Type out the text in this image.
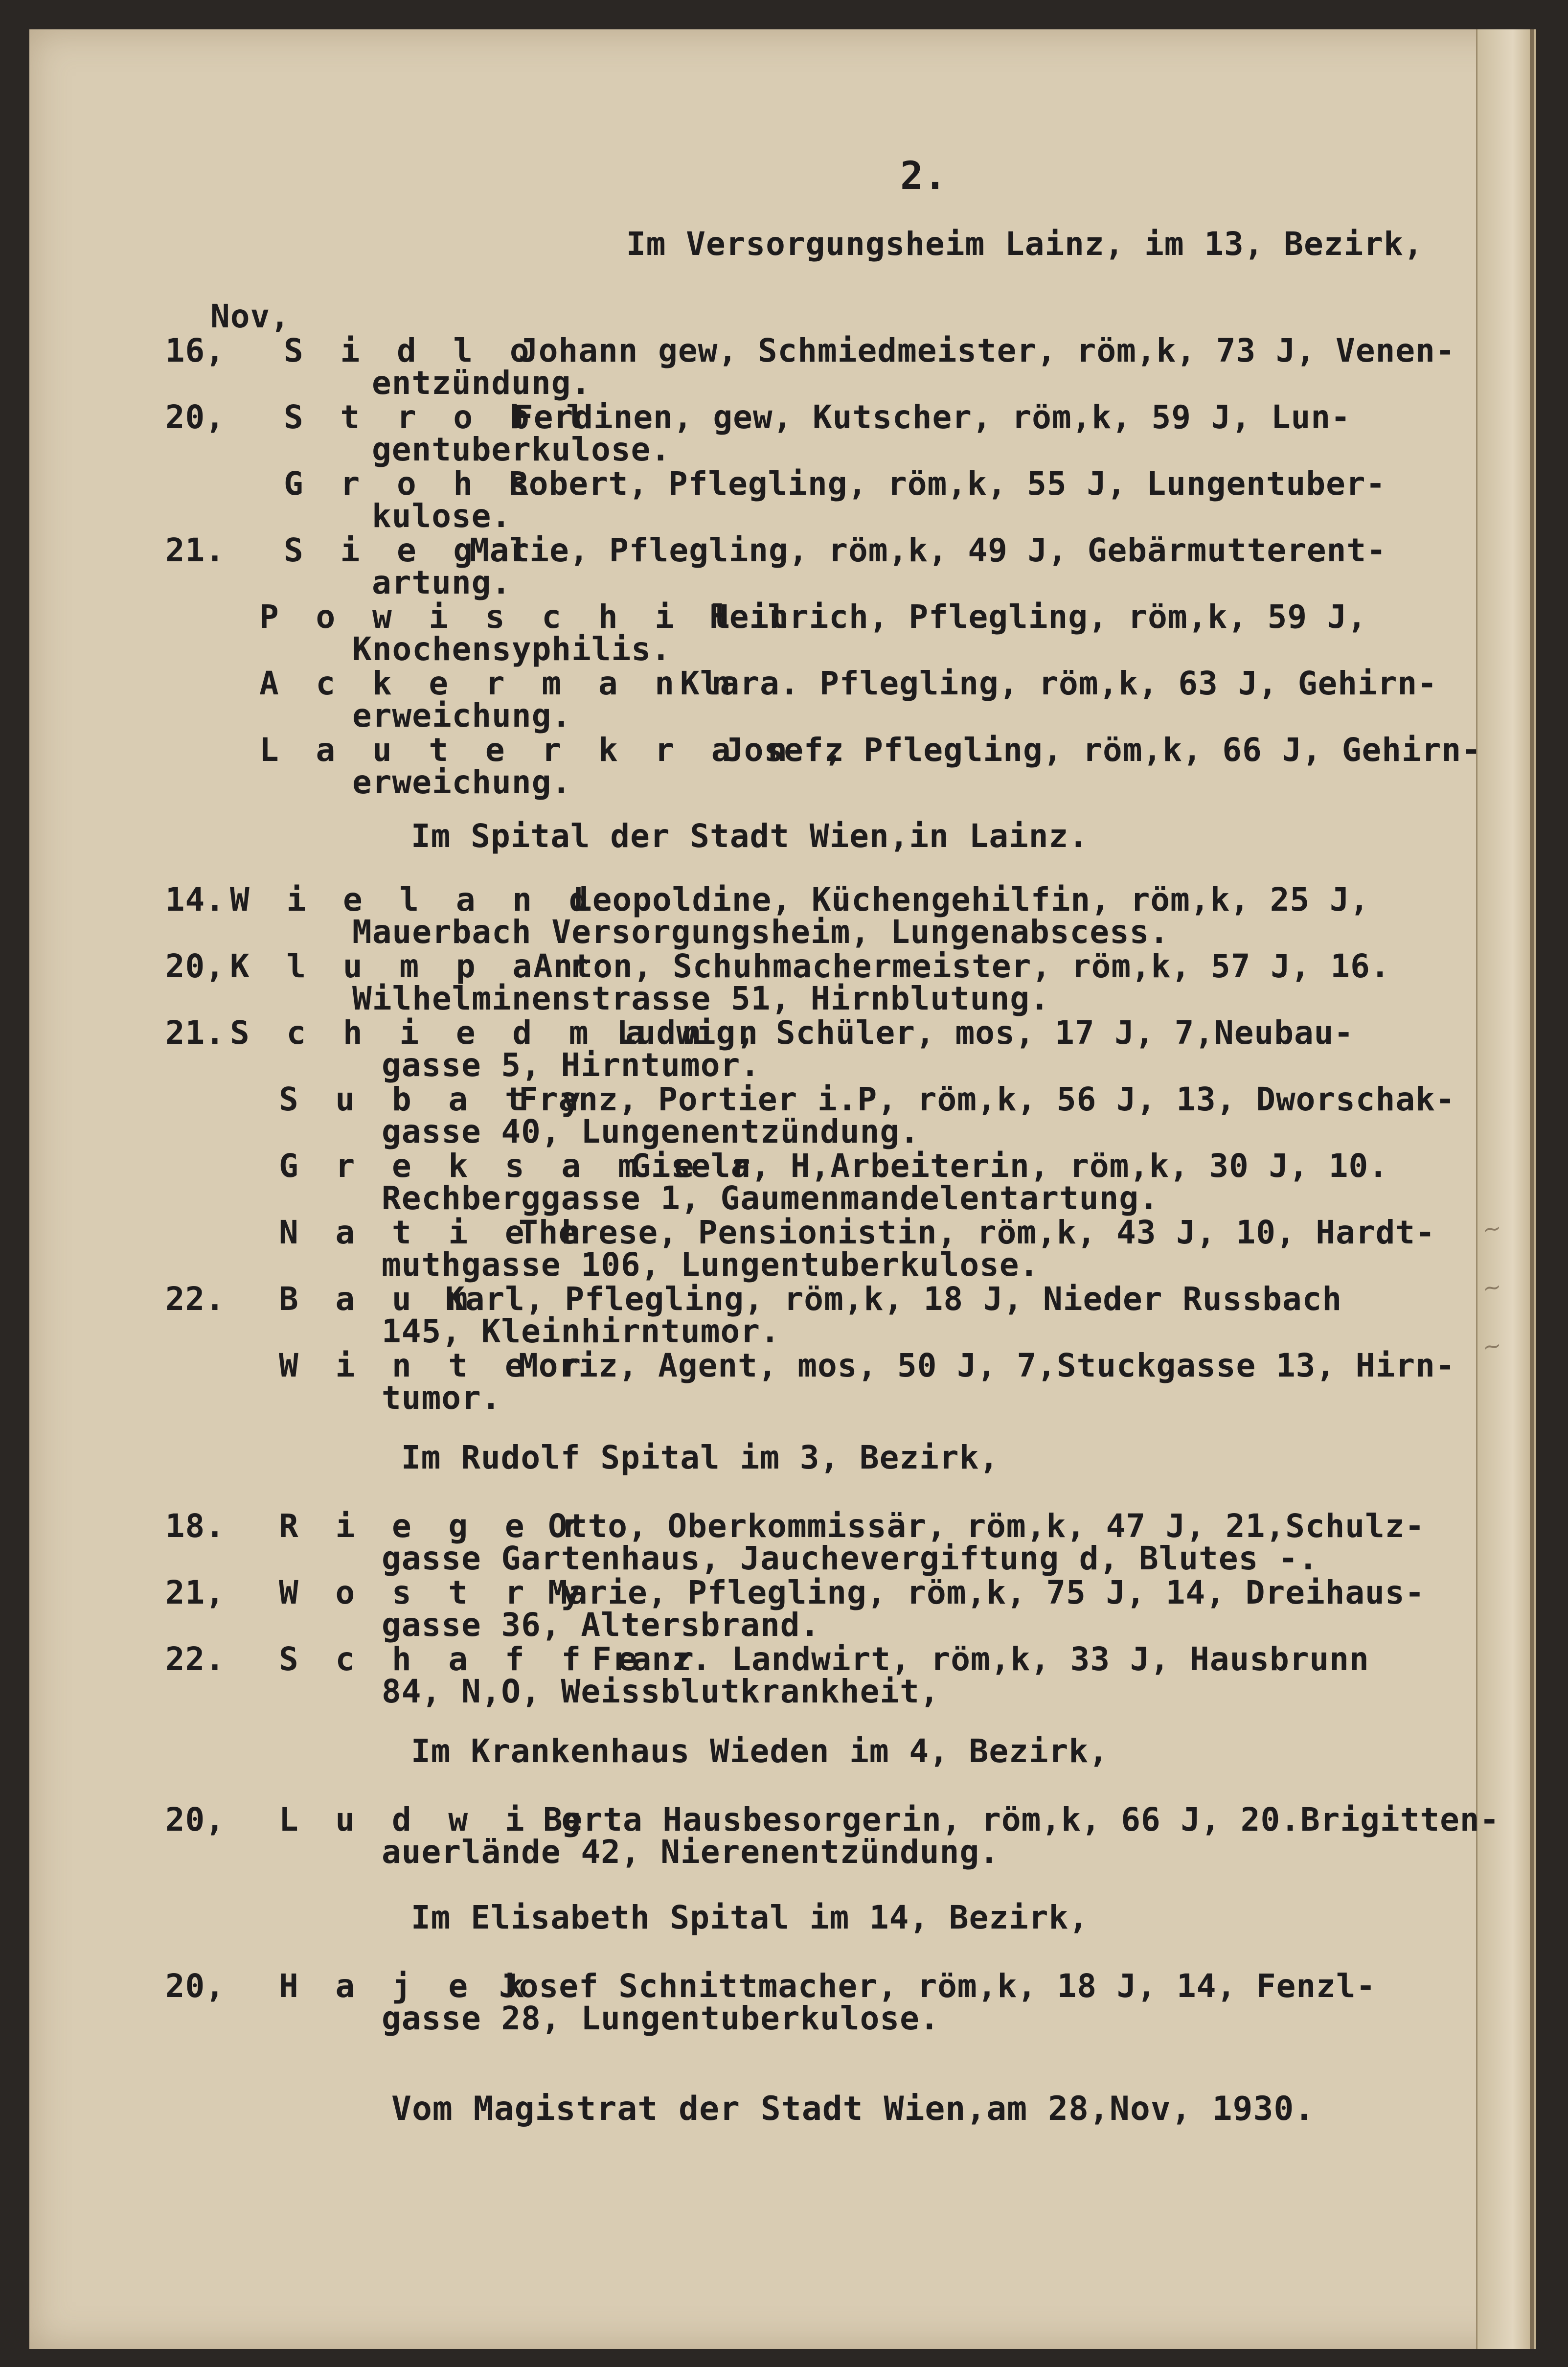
~
~
~
2.
Im Versorgungsheim Lainz, im 13, Bezirk,
Nov,
16, S i d l o
Johann gew, Schmiedmeister, röm,k, 73 J, Venen-
entzündung.
20, S t r o b l
Ferdinen, gew, Kutscher, röm,k, 59 J, Lun-
gentuberkulose.
G r o h s
Robert, Pflegling, röm,k, 55 J, Lungentuber-
kulose.
21. S i e g l
Marie, Pflegling, röm,k, 49 J, Gebärmutterent-
artung.
P o w i s c h i l l
Heinrich, Pflegling, röm,k, 59 J,
Knochensyphilis.
A c k e r m a n n
Klara. Pflegling, röm,k, 63 J, Gehirn-
erweichung.
L a u t e r k r a n z
Josef, Pflegling, röm,k, 66 J, Gehirn-
erweichung.
Im Spital der Stadt Wien,in Lainz.
14. W i e l a n d
Leopoldine, Küchengehilfin, röm,k, 25 J,
Mauerbach Versorgungsheim, Lungenabscess.
20, K l u m p a r
Anton, Schuhmachermeister, röm,k, 57 J, 16.
Wilhelminenstrasse 51, Hirnblutung.
21. S c h i e d m a n n
Ludwig, Schüler, mos, 17 J, 7,Neubau-
gasse 5, Hirntumor.
S u b a t y
Franz, Portier i.P, röm,k, 56 J, 13, Dworschak-
gasse 40, Lungenentzündung.
G r e k s a m e r
Gisela, H,Arbeiterin, röm,k, 30 J, 10.
Rechberggasse 1, Gaumenmandelentartung.
N a t i e h
Therese, Pensionistin, röm,k, 43 J, 10, Hardt-
muthgasse 106, Lungentuberkulose.
22. B a u m
Karl, Pflegling, röm,k, 18 J, Nieder Russbach
145, Kleinhirntumor.
W i n t e r
Moriz, Agent, mos, 50 J, 7,Stuckgasse 13, Hirn-
tumor.
Im Rudolf Spital im 3, Bezirk,
18. R i e g e r
Otto, Oberkommissär, röm,k, 47 J, 21,Schulz-
gasse Gartenhaus, Jauchevergiftung d, Blutes -.
21, W o s t r y
Marie, Pflegling, röm,k, 75 J, 14, Dreihaus-
gasse 36, Altersbrand.
22. S c h a f f e r
Franz. Landwirt, röm,k, 33 J, Hausbrunn
84, N,O, Weissblutkrankheit,
Im Krankenhaus Wieden im 4, Bezirk,
20, L u d w i g
Berta Hausbesorgerin, röm,k, 66 J, 20.Brigitten-
auerlände 42, Nierenentzündung.
Im Elisabeth Spital im 14, Bezirk,
20, H a j e k
Josef Schnittmacher, röm,k, 18 J, 14, Fenzl-
gasse 28, Lungentuberkulose.
Vom Magistrat der Stadt Wien,am 28,Nov, 1930.
